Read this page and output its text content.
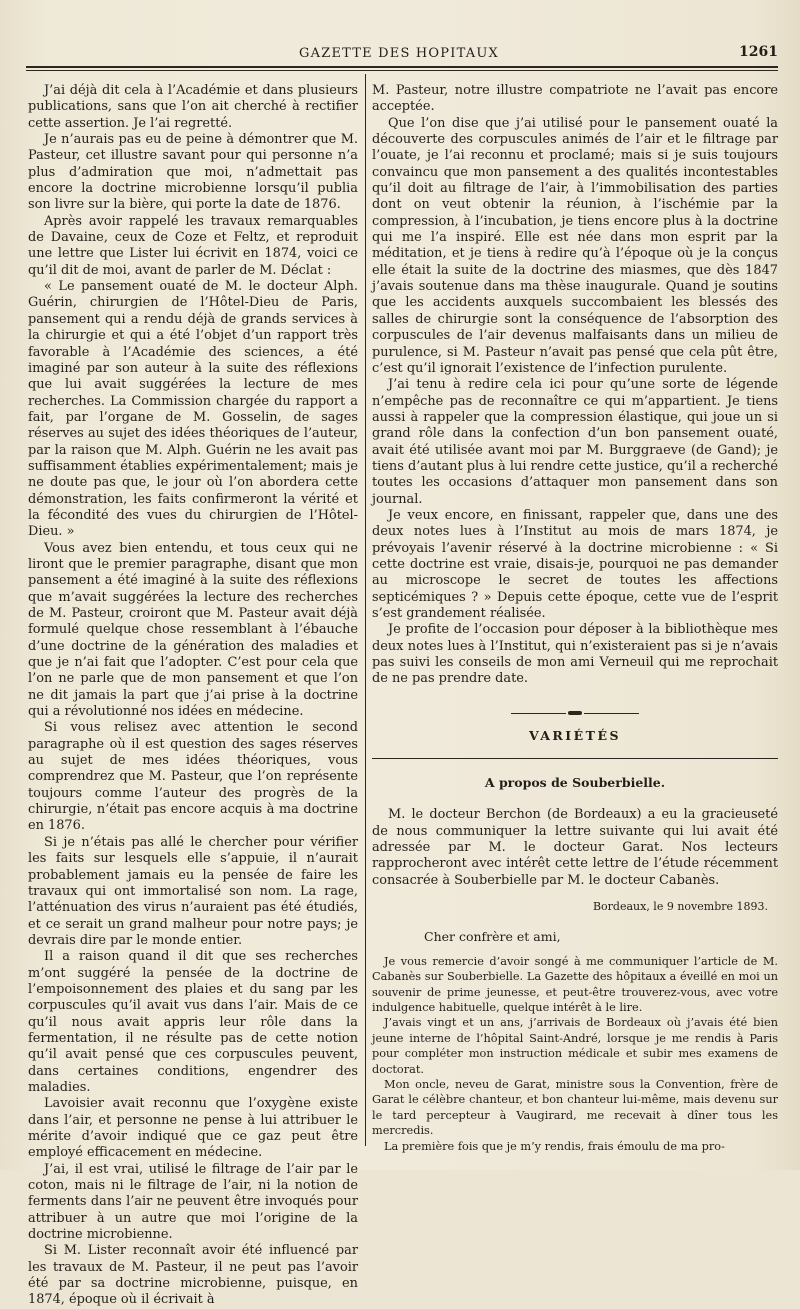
GAZETTE DES HOPITAUX	1261

J’ai déjà dit cela à l’Académie et dans plusieurs publications, sans que l’on ait cherché à rectifier cette assertion. Je l’ai regretté.

Je n’aurais pas eu de peine à démontrer que M. Pasteur, cet illustre savant pour qui personne n’a plus d’admiration que moi, n’admettait pas encore la doctrine microbienne lorsqu’il publia son livre sur la bière, qui porte la date de 1876.

Après avoir rappelé les travaux remarquables de Davaine, ceux de Coze et Feltz, et reproduit une lettre que Lister lui écrivit en 1874, voici ce qu’il dit de moi, avant de parler de M. Déclat :

« Le pansement ouaté de M. le docteur Alph. Guérin, chirurgien de l’Hôtel-Dieu de Paris, pansement qui a rendu déjà de grands services à la chirurgie et qui a été l’objet d’un rapport très favorable à l’Académie des sciences, a été imaginé par son auteur à la suite des réflexions que lui avait suggérées la lecture de mes recherches. La Commission chargée du rapport a fait, par l’organe de M. Gosselin, de sages réserves au sujet des idées théoriques de l’auteur, par la raison que M. Alph. Guérin ne les avait pas suffisamment établies expérimentalement; mais je ne doute pas que, le jour où l’on abordera cette démonstration, les faits confirmeront la vérité et la fécondité des vues du chirurgien de l’Hôtel-Dieu. »

Vous avez bien entendu, et tous ceux qui ne liront que le premier paragraphe, disant que mon pansement a été imaginé à la suite des réflexions que m’avait suggérées la lecture des recherches de M. Pasteur, croiront que M. Pasteur avait déjà formulé quelque chose ressemblant à l’ébauche d’une doctrine de la génération des maladies et que je n’ai fait que l’adopter. C’est pour cela que l’on ne parle que de mon pansement et que l’on ne dit jamais la part que j’ai prise à la doctrine qui a révolutionné nos idées en médecine.

Si vous relisez avec attention le second paragraphe où il est question des sages réserves au sujet de mes idées théoriques, vous comprendrez que M. Pasteur, que l’on représente toujours comme l’auteur des progrès de la chirurgie, n’était pas encore acquis à ma doctrine en 1876.

Si je n’étais pas allé le chercher pour vérifier les faits sur lesquels elle s’appuie, il n’aurait probablement jamais eu la pensée de faire les travaux qui ont immortalisé son nom. La rage, l’atténuation des virus n’auraient pas été étudiés, et ce serait un grand malheur pour notre pays; je devrais dire par le monde entier.

Il a raison quand il dit que ses recherches m’ont suggéré la pensée de la doctrine de l’empoisonnement des plaies et du sang par les corpuscules qu’il avait vus dans l’air. Mais de ce qu’il nous avait appris leur rôle dans la fermentation, il ne résulte pas de cette notion qu’il avait pensé que ces corpuscules peuvent, dans certaines conditions, engendrer des maladies.

Lavoisier avait reconnu que l’oxygène existe dans l’air, et personne ne pense à lui attribuer le mérite d’avoir indiqué que ce gaz peut être employé efficacement en médecine.

J’ai, il est vrai, utilisé le filtrage de l’air par le coton, mais ni le filtrage de l’air, ni la notion de ferments dans l’air ne peuvent être invoqués pour attribuer à un autre que moi l’origine de la doctrine microbienne.

Si M. Lister reconnaît avoir été influencé par les travaux de M. Pasteur, il ne peut pas l’avoir été par sa doctrine microbienne, puisque, en 1874, époque où il écrivait à

M. Pasteur, notre illustre compatriote ne l’avait pas encore acceptée.

Que l’on dise que j’ai utilisé pour le pansement ouaté la découverte des corpuscules animés de l’air et le filtrage par l’ouate, je l’ai reconnu et proclamé; mais si je suis toujours convaincu que mon pansement a des qualités incontestables qu’il doit au filtrage de l’air, à l’immobilisation des parties dont on veut obtenir la réunion, à l’ischémie par la compression, à l’incubation, je tiens encore plus à la doctrine qui me l’a inspiré. Elle est née dans mon esprit par la méditation, et je tiens à redire qu’à l’époque où je la conçus elle était la suite de la doctrine des miasmes, que dès 1847 j’avais soutenue dans ma thèse inaugurale. Quand je soutins que les accidents auxquels succombaient les blessés des salles de chirurgie sont la conséquence de l’absorption des corpuscules de l’air devenus malfaisants dans un milieu de purulence, si M. Pasteur n’avait pas pensé que cela pût être, c’est qu’il ignorait l’existence de l’infection purulente.

J’ai tenu à redire cela ici pour qu’une sorte de légende n’empêche pas de reconnaître ce qui m’appartient. Je tiens aussi à rappeler que la compression élastique, qui joue un si grand rôle dans la confection d’un bon pansement ouaté, avait été utilisée avant moi par M. Burggraeve (de Gand); je tiens d’autant plus à lui rendre cette justice, qu’il a recherché toutes les occasions d’attaquer mon pansement dans son journal.

Je veux encore, en finissant, rappeler que, dans une des deux notes lues à l’Institut au mois de mars 1874, je prévoyais l’avenir réservé à la doctrine microbienne : « Si cette doctrine est vraie, disais-je, pourquoi ne pas demander au microscope le secret de toutes les affections septicémiques ? » Depuis cette époque, cette vue de l’esprit s’est grandement réalisée.

Je profite de l’occasion pour déposer à la bibliothèque mes deux notes lues à l’Institut, qui n’existeraient pas si je n’avais pas suivi les conseils de mon ami Verneuil qui me reprochait de ne pas prendre date.

VARIÉTÉS
A propos de Souberbielle.

M. le docteur Berchon (de Bordeaux) a eu la gracieuseté de nous communiquer la lettre suivante qui lui avait été adressée par M. le docteur Garat. Nos lecteurs rapprocheront avec intérêt cette lettre de l’étude récemment consacrée à Souberbielle par M. le docteur Cabanès.

Bordeaux, le 9 novembre 1893.
Cher confrère et ami,

Je vous remercie d’avoir songé à me communiquer l’article de M. Cabanès sur Souberbielle. La Gazette des hôpitaux a éveillé en moi un souvenir de prime jeunesse, et peut-être trouverez-vous, avec votre indulgence habituelle, quelque intérêt à le lire.

J’avais vingt et un ans, j’arrivais de Bordeaux où j’avais été bien jeune interne de l’hôpital Saint-André, lorsque je me rendis à Paris pour compléter mon instruction médicale et subir mes examens de doctorat.

Mon oncle, neveu de Garat, ministre sous la Convention, frère de Garat le célèbre chanteur, et bon chanteur lui-même, mais devenu sur le tard percepteur à Vaugirard, me recevait à dîner tous les mercredis.

La première fois que je m’y rendis, frais émoulu de ma pro-
